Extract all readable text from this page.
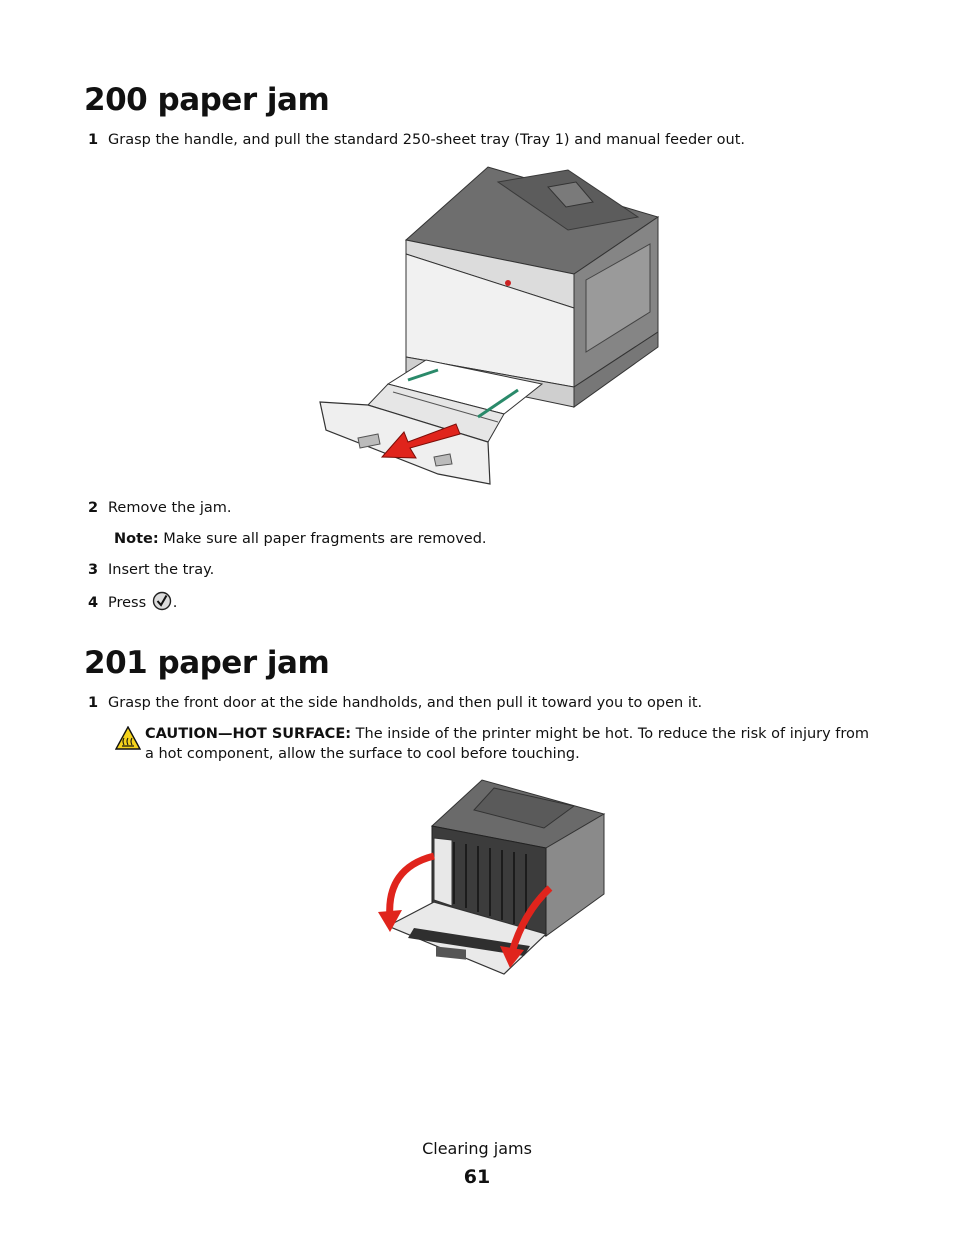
200 paper jam
1 Grasp the handle, and pull the standard 250-sheet tray (Tray 1) and manual feeder out.
2 Remove the jam.
Note: Make sure all paper fragments are removed.
3 Insert the tray.
4 Press .
201 paper jam
1 Grasp the front door at the side handholds, and then pull it toward you to open it.
CAUTION—HOT SURFACE: The inside of the printer might be hot. To reduce the risk of injury from a hot component, allow the surface to cool before touching.
Clearing jams
61
